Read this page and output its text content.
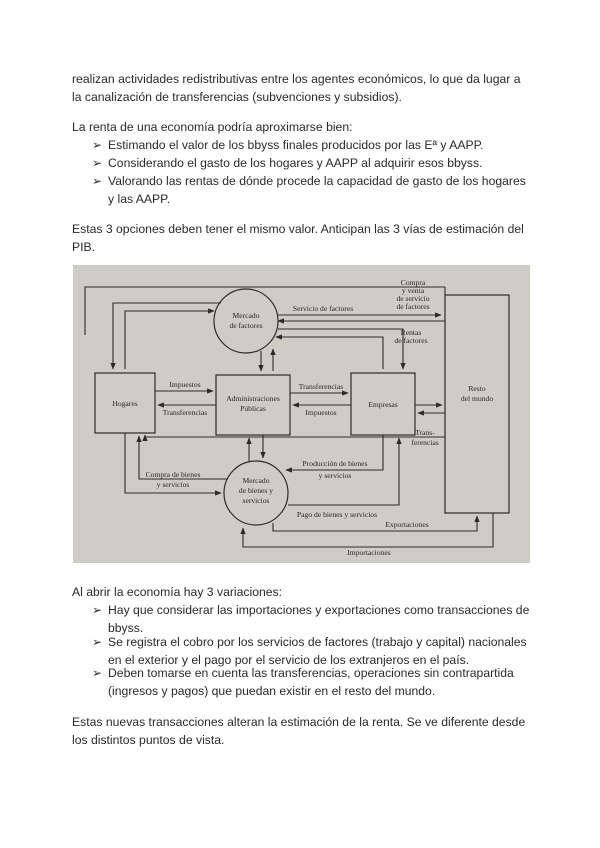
realizan actividades redistributivas entre los agentes económicos, lo que da lugar a
la canalización de transferencias (subvenciones y subsidios).
La renta de una economía podría aproximarse bien:
➢ Estimando el valor de los bbyss finales producidos por las Eª y AAPP.
➢ Considerando el gasto de los hogares y AAPP al adquirir esos bbyss.
➢ Valorando las rentas de dónde procede la capacidad de gasto de los hogares
y las AAPP.
Estas 3 opciones deben tener el mismo valor. Anticipan las 3 vías de estimación del
PIB.
Mercado
de factores
Hogares
Administraciones
Públicas	Empresas
Resto
del mundo
Mercado
de bienes y
servicios
Compra
y venta
de servicio
de factores
Servicio de factores
Rentas
de factores
Impuestos
Transferencias
Transferencias
Impuestos
Trans-
ferencias
Compra de bienes
y servicios
Producción de bienes
y servicios
Pago de bienes y servicios
Exportaciones
Importaciones
Al abrir la economía hay 3 variaciones:
➢ Hay que considerar las importaciones y exportaciones como transacciones de
bbyss.
➢ Se registra el cobro por los servicios de factores (trabajo y capital) nacionales
en el exterior y el pago por el servicio de los extranjeros en el país.
➢ Deben tomarse en cuenta las transferencias, operaciones sin contrapartida
(ingresos y pagos) que puedan existir en el resto del mundo.
Estas nuevas transacciones alteran la estimación de la renta. Se ve diferente desde
los distintos puntos de vista.
